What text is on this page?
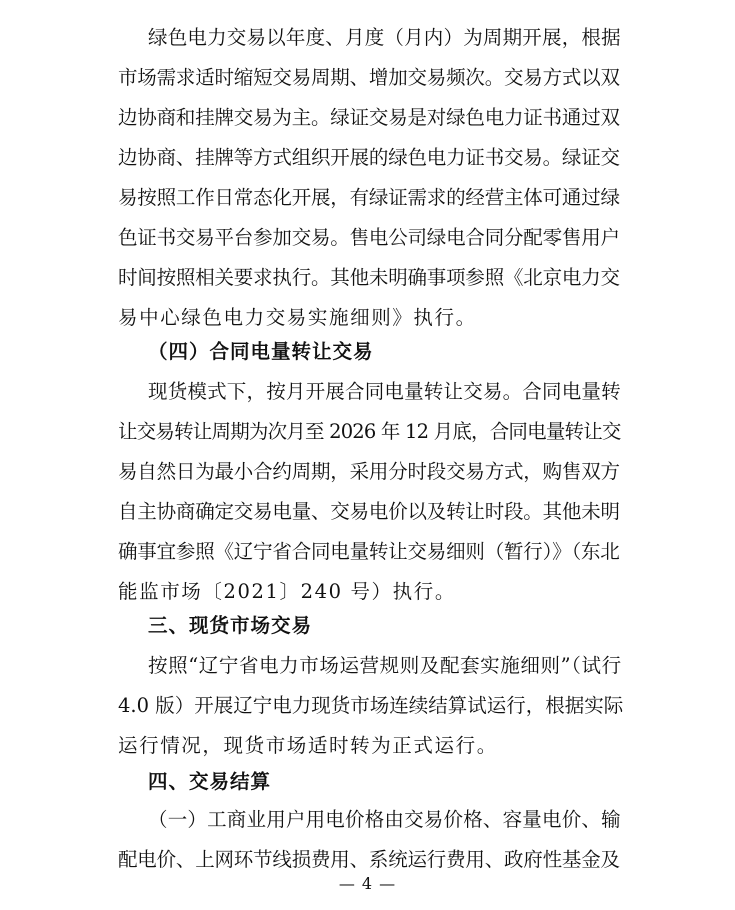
绿色电力交易以年度、月度（月内）为周期开展，根据
市场需求适时缩短交易周期、增加交易频次。交易方式以双
边协商和挂牌交易为主。绿证交易是对绿色电力证书通过双
边协商、挂牌等方式组织开展的绿色电力证书交易。绿证交
易按照工作日常态化开展，有绿证需求的经营主体可通过绿
色证书交易平台参加交易。售电公司绿电合同分配零售用户
时间按照相关要求执行。其他未明确事项参照《北京电力交
易中心绿色电力交易实施细则》执行。
（四）合同电量转让交易
现货模式下，按月开展合同电量转让交易。合同电量转
让交易转让周期为次月至 2026 年 12 月底，合同电量转让交
易自然日为最小合约周期，采用分时段交易方式，购售双方
自主协商确定交易电量、交易电价以及转让时段。其他未明
确事宜参照《辽宁省合同电量转让交易细则（暂行）》（东北
能监市场〔2021〕240 号）执行。
三、现货市场交易
按照“辽宁省电力市场运营规则及配套实施细则”（试行
4.0 版）开展辽宁电力现货市场连续结算试运行，根据实际
运行情况，现货市场适时转为正式运行。
四、交易结算
（一）工商业用户用电价格由交易价格、容量电价、输
配电价、上网环节线损费用、系统运行费用、政府性基金及
— 4 —
